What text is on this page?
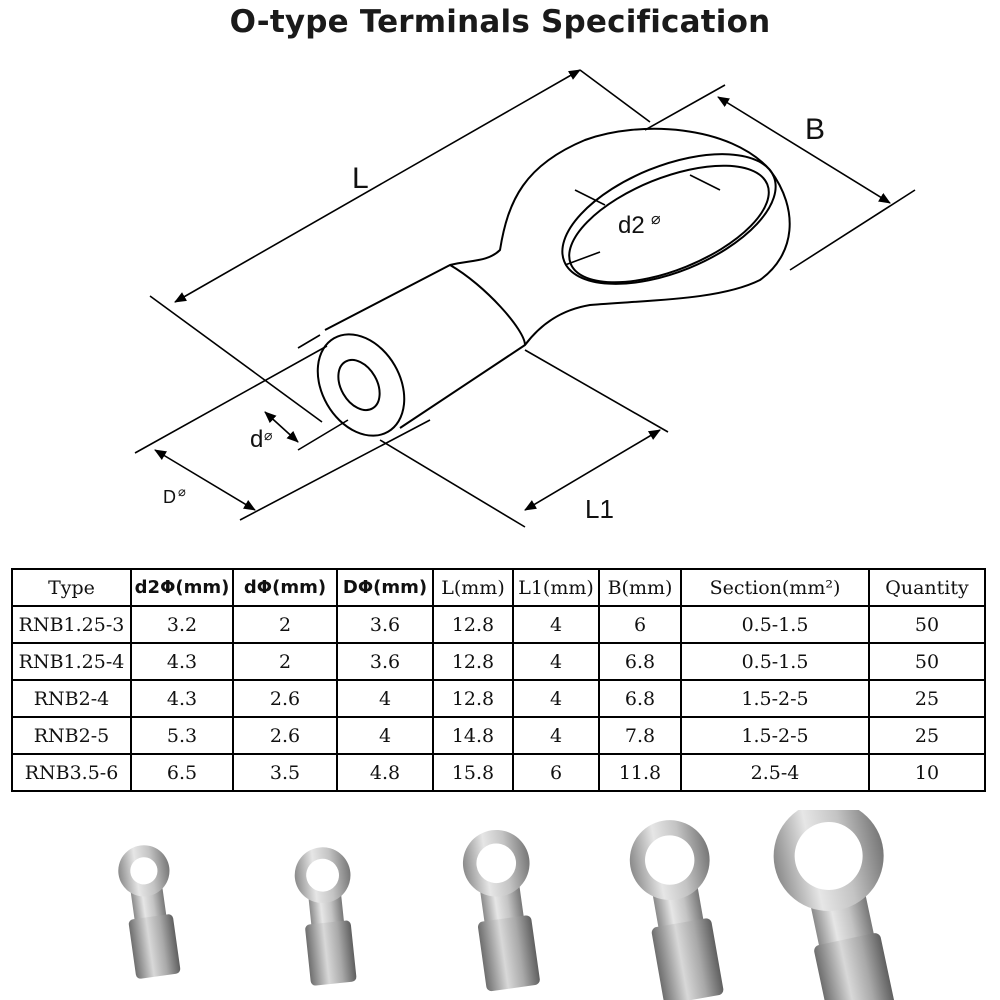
O-type Terminals Specification
L
B
d2 ⌀
d ⌀
D ⌀
L1
Type	d2Φ(mm)	dΦ(mm)	DΦ(mm)	L(mm)	L1(mm)	B(mm)	Section(mm²)	Quantity
RNB1.25-3	3.2	2	3.6	12.8	4	6	0.5-1.5	50
RNB1.25-4	4.3	2	3.6	12.8	4	6.8	0.5-1.5	50
RNB2-4	4.3	2.6	4	12.8	4	6.8	1.5-2-5	25
RNB2-5	5.3	2.6	4	14.8	4	7.8	1.5-2-5	25
RNB3.5-6	6.5	3.5	4.8	15.8	6	11.8	2.5-4	10
